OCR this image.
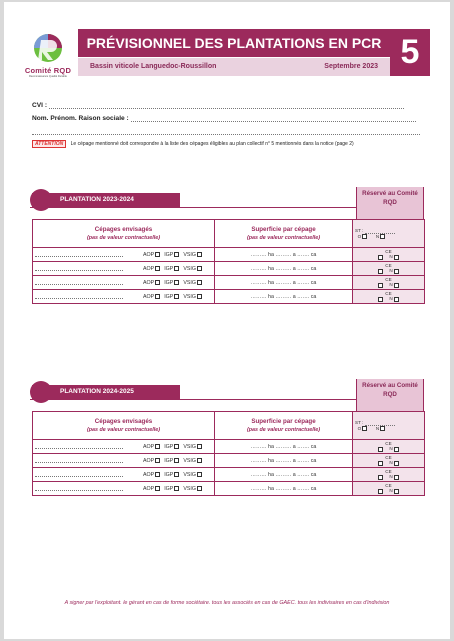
Comité RQD
Reconnaissance Qualité Durable
PRÉVISIONNEL DES PLANTATIONS EN PCR
Bassin viticole Languedoc-Roussillon	Septembre 2023 5
CVI :
Nom. Prénom. Raison sociale :
ATTENTION Le cépage mentionné doit correspondre à la liste des cépages éligibles au plan collectif n° 5 mentionnés dans la notice (page 2)
PLANTATION 2023-2024
Réservé au Comité RQD
Cépages envisagés
(pas de valeur contractuelle)	Superficie par cépage
(pas de valeur contractuelle)	ST :
O N
AOP IGP VSIG	……… ha ……… a ……. ca	CE
N
AOP IGP VSIG	……… ha ……… a ……. ca	CE
N
AOP IGP VSIG	……… ha ……… a ……. ca	CE
N
AOP IGP VSIG	……… ha ……… a ……. ca	CE
N
PLANTATION 2024-2025
Réservé au Comité RQD
Cépages envisagés
(pas de valeur contractuelle)	Superficie par cépage
(pas de valeur contractuelle)	ST :
O N
AOP IGP VSIG	……… ha ……… a ……. ca	CE
N
AOP IGP VSIG	……… ha ……… a ……. ca	CE
N
AOP IGP VSIG	……… ha ……… a ……. ca	CE
N
AOP IGP VSIG	……… ha ……… a ……. ca	CE
N
A signer par l'exploitant. le gérant en cas de forme sociétaire. tous les associés en cas de GAEC. tous les indivisaires en cas d'indivision
